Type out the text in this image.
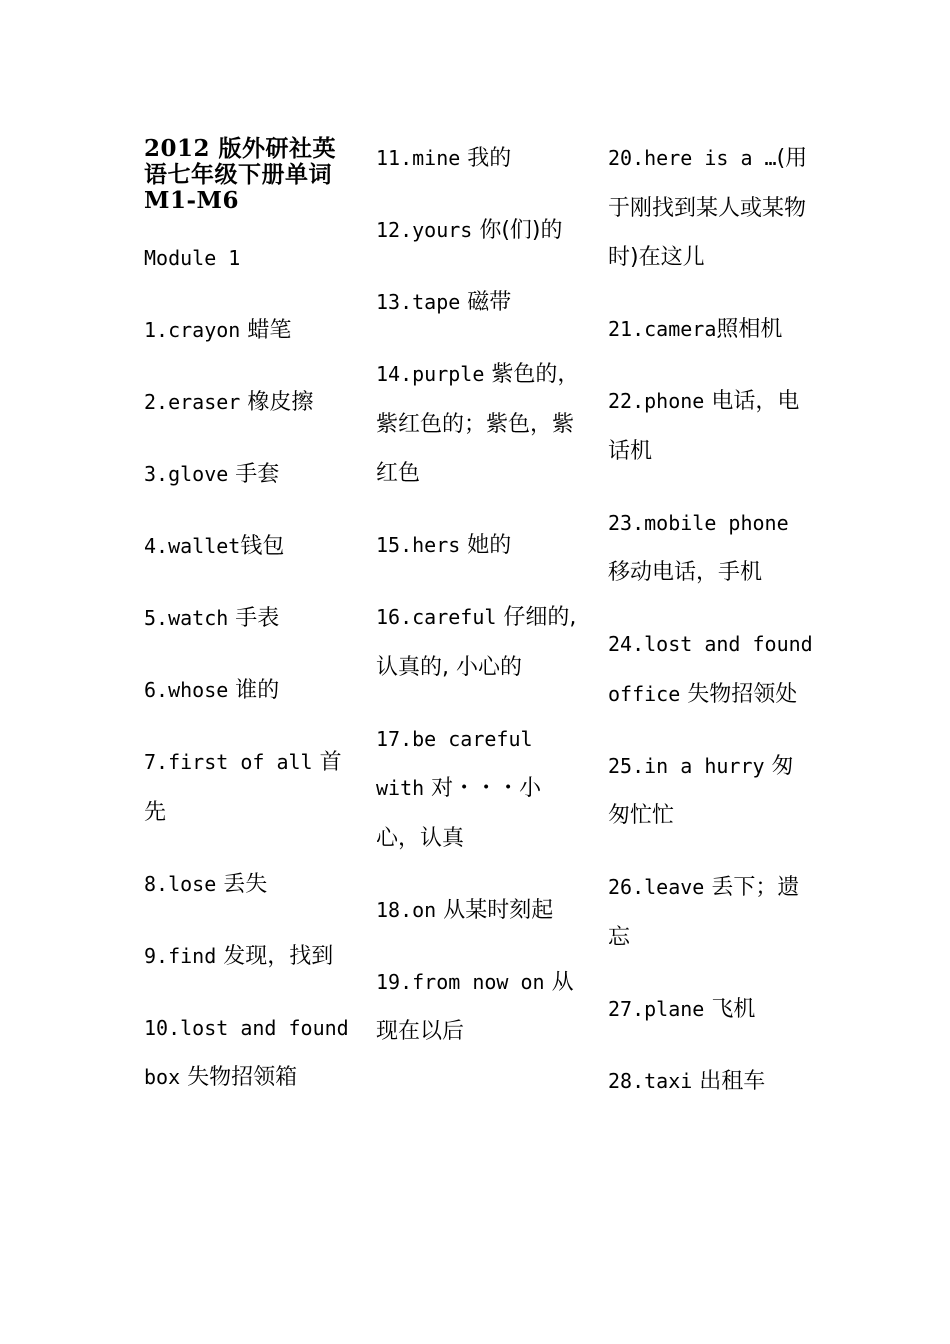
2012 版外研社英语七年级下册单词 M1-M6
Module 1
1.crayon 蜡笔
2.eraser 橡皮擦
3.glove 手套
4.wallet钱包
5.watch 手表
6.whose 谁的
7.first of all 首先
8.lose 丢失
9.find 发现，找到
10.lost and found box 失物招领箱
11.mine 我的
12.yours 你(们)的
13.tape 磁带
14.purple 紫色的，紫红色的；紫色，紫红色
15.hers 她的
16.careful 仔细的,认真的, 小心的
17.be careful with 对・・・小心，认真
18.on 从某时刻起
19.from now on 从现在以后
20.here is a …(用于刚找到某人或某物时)在这儿
21.camera照相机
22.phone 电话，电话机
23.mobile phone 移动电话，手机
24.lost and found office 失物招领处
25.in a hurry 匆匆忙忙
26.leave 丢下；遗忘
27.plane 飞机
28.taxi 出租车
